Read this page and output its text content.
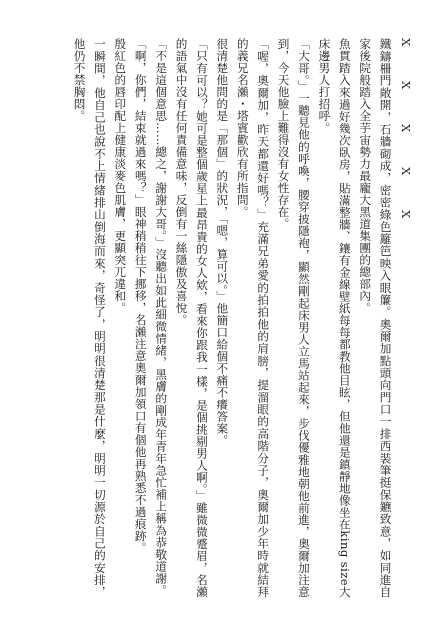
X　　　X　　　X　　　X　　　X

鐵鑄柵門敞開，石牆砌成，密密綠色籬笆映入眼簾。奧爾加點頭向門口一排西裝筆挺保鑣致意，如同進自家後院般踏入全芋宙勢力最龐大黑道集團的總部內。

魚貫踏入來過好幾次臥房，貼滿整牆、鑲有金線壁紙每每都教他目眩，但他還是鎮靜地像坐在king size大床邊男人打招呼。

「大哥。」一聽見他的呼喚，腰穿披隱袍，顯然剛起床男人立馬站起來，步伐優雅地朝他前進，奧爾加注意到，今天他臉上難得沒有女性存在。

「喔，奧爾加，昨天都還好嗎？」充滿兄弟愛的拍拍他的肩膀，提溜眼的高階分子，奧爾加少年時就結拜的義兄名瀨・塔賓歡欣有所指問。

很清楚他問的是「那個」的狀況，「嗯，算可以。」他簡口給個不痛不癢答案。

「只有可以？她可是整個歲星上最昂貴的女人欸，看來你跟我一樣，是個挑剔男人啊。」雖微微蹙眉，名瀨的語氣中沒有任何責備意味，反倒有一絲隱傲及喜悅。

「不是這個意思……總之，謝謝大哥。」沒聽出如此細微情緒，黑膚的剛成年青年急忙補上稱為恭敬道謝。

「啊，你們，結束就過來嗎？」眼神稍稍往下挪移，名瀨注意奧爾加領口有個他再熟悉不過痕跡。

殷紅色的唇印配上健康淡麥色肌膚，更顯突兀違和。

一瞬間，他自己也說不上情緒排山倒海而來，奇怪了，明明很清楚那是什麼，明明一切源於自己的安排，他仍不禁胸悶。
